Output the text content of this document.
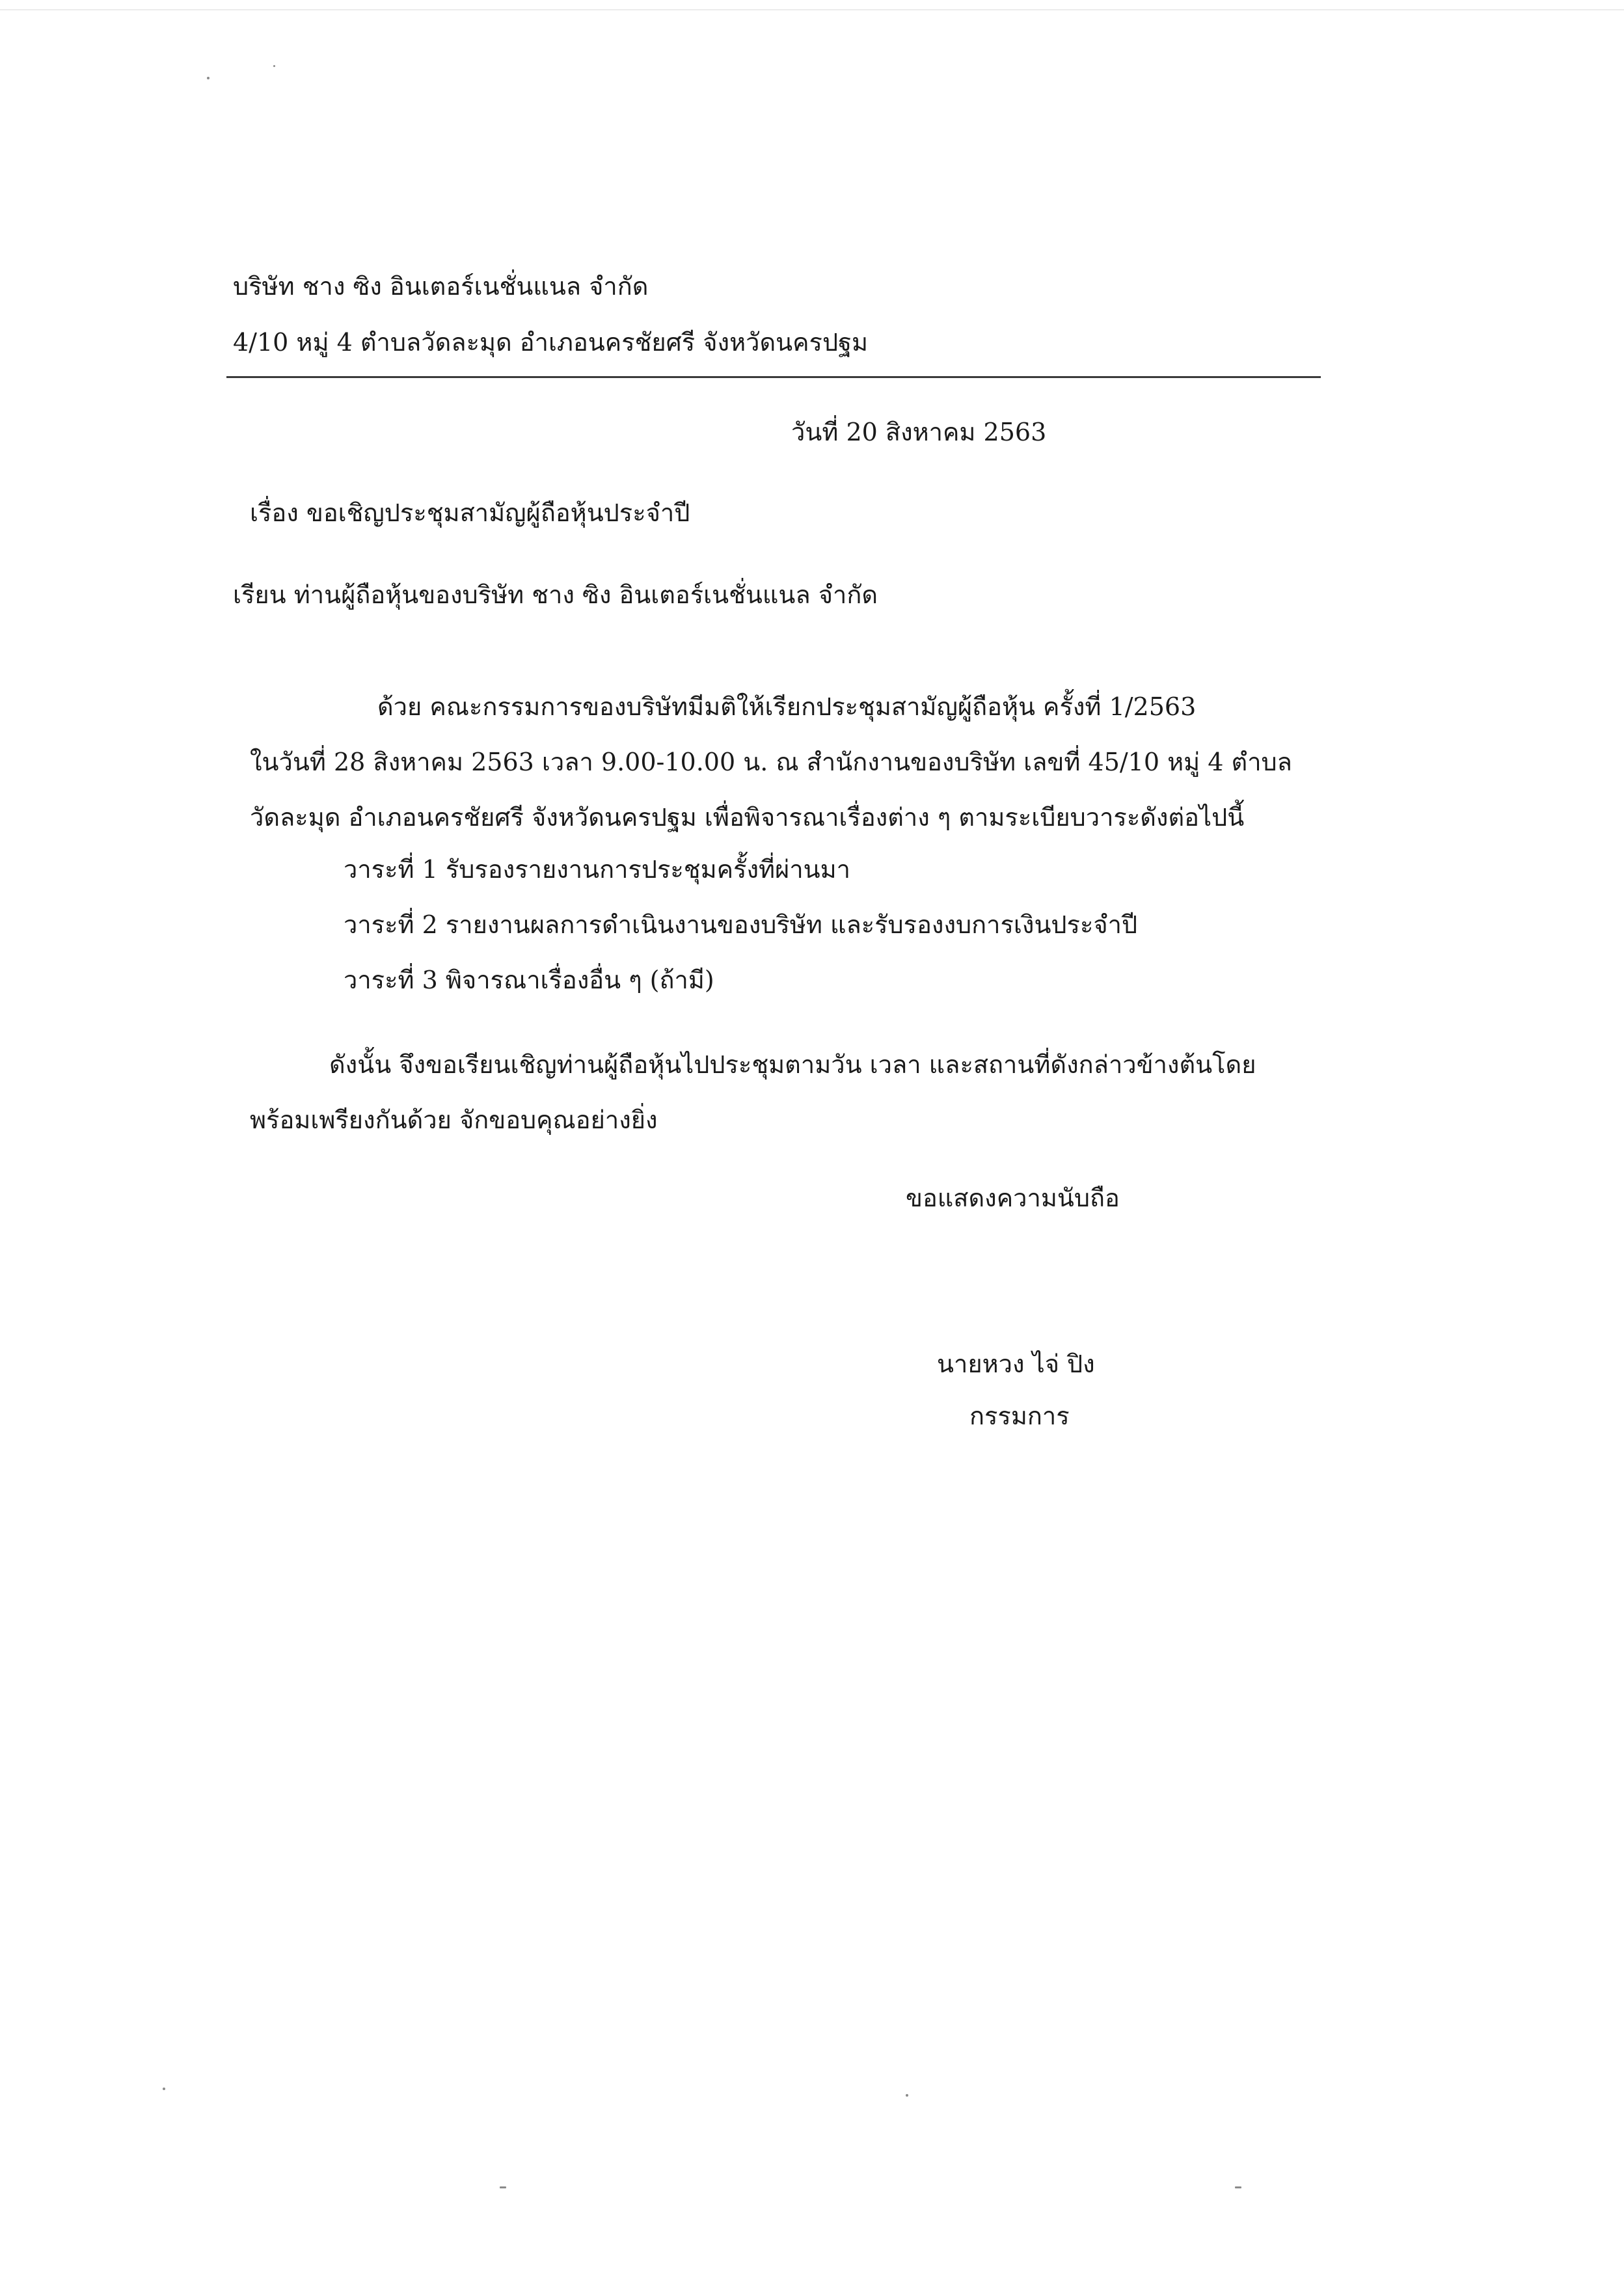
บริษัท ชาง ซิง อินเตอร์เนชั่นแนล จำกัด
4/10 หมู่ 4 ตำบลวัดละมุด อำเภอนครชัยศรี จังหวัดนครปฐม
วันที่ 20 สิงหาคม 2563
เรื่อง ขอเชิญประชุมสามัญผู้ถือหุ้นประจำปี
เรียน ท่านผู้ถือหุ้นของบริษัท ชาง ซิง อินเตอร์เนชั่นแนล จำกัด
ด้วย คณะกรรมการของบริษัทมีมติให้เรียกประชุมสามัญผู้ถือหุ้น ครั้งที่ 1/2563
ในวันที่ 28 สิงหาคม 2563 เวลา 9.00-10.00 น. ณ สำนักงานของบริษัท เลขที่ 45/10 หมู่ 4 ตำบล
วัดละมุด อำเภอนครชัยศรี จังหวัดนครปฐม เพื่อพิจารณาเรื่องต่าง ๆ ตามระเบียบวาระดังต่อไปนี้
วาระที่ 1 รับรองรายงานการประชุมครั้งที่ผ่านมา
วาระที่ 2 รายงานผลการดำเนินงานของบริษัท และรับรองงบการเงินประจำปี
วาระที่ 3 พิจารณาเรื่องอื่น ๆ (ถ้ามี)
ดังนั้น จึงขอเรียนเชิญท่านผู้ถือหุ้นไปประชุมตามวัน เวลา และสถานที่ดังกล่าวข้างต้นโดย
พร้อมเพรียงกันด้วย จักขอบคุณอย่างยิ่ง
ขอแสดงความนับถือ
นายหวง ไจ่ ปิง
กรรมการ
